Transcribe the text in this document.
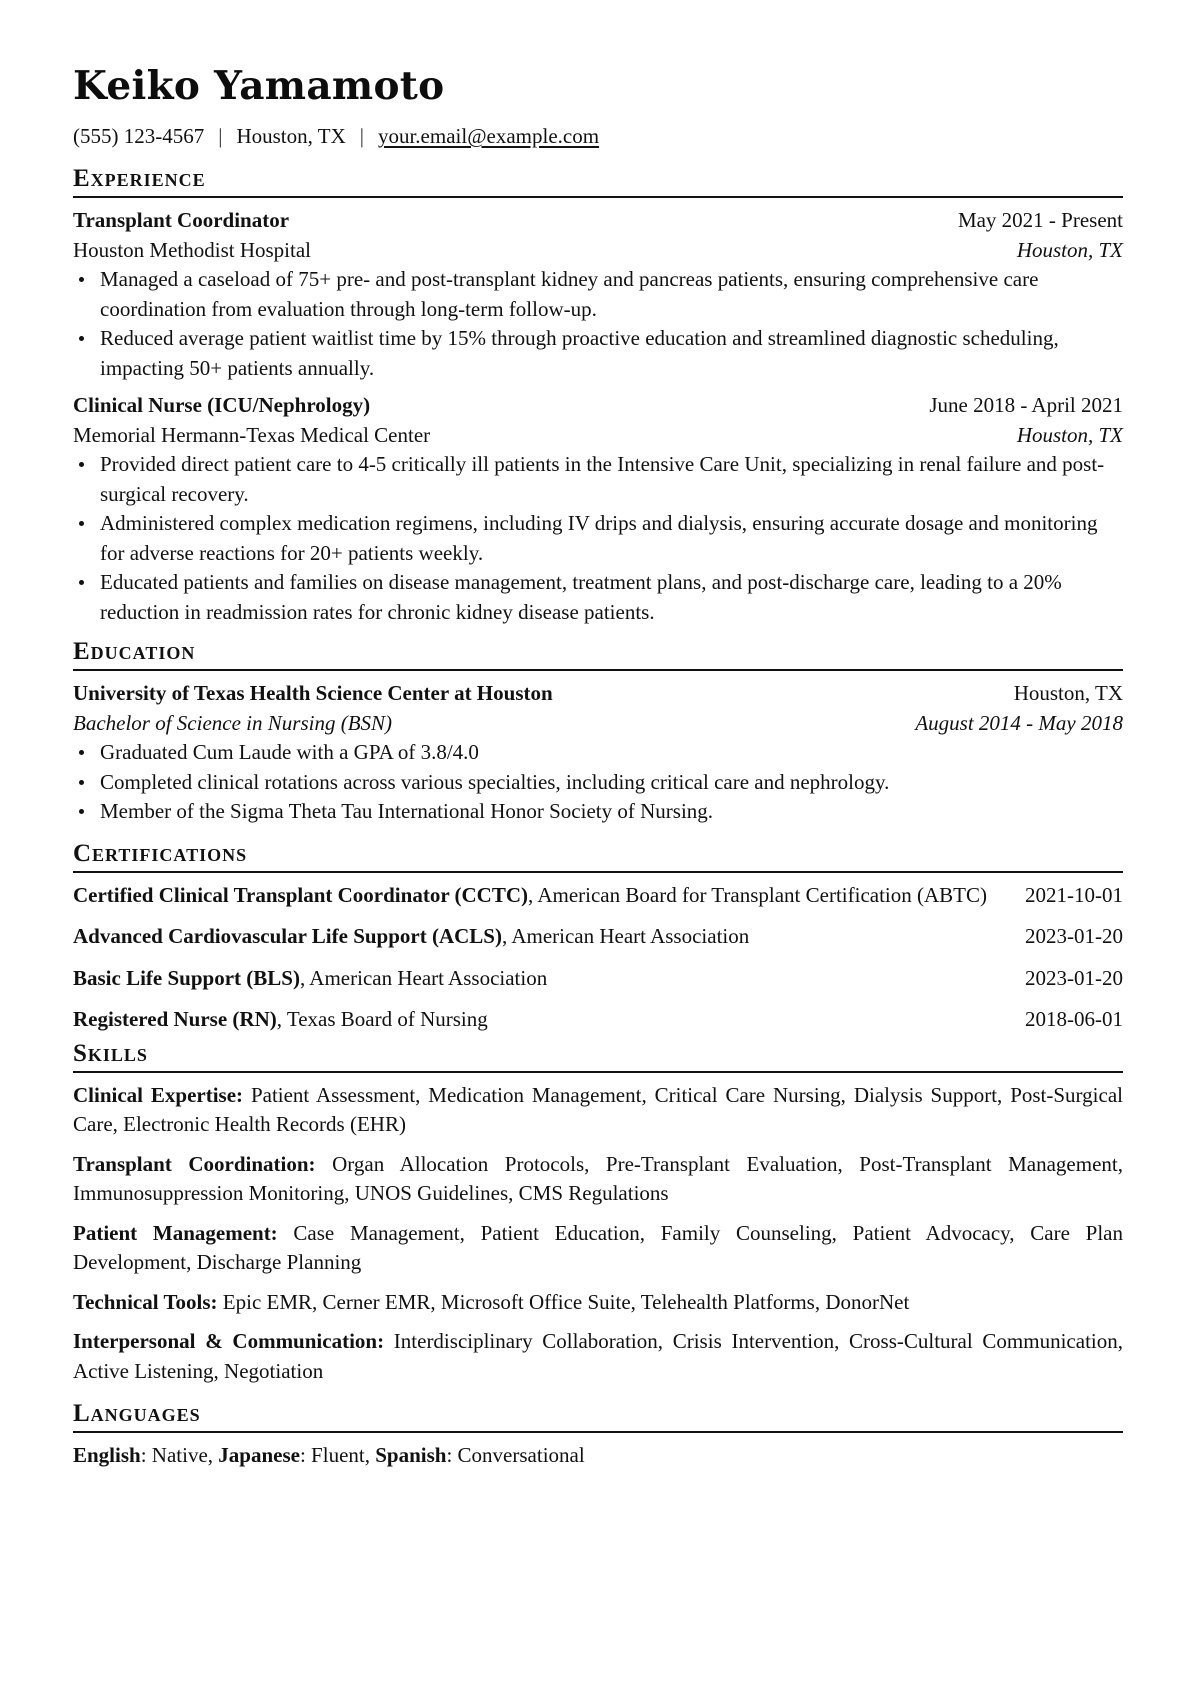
Keiko Yamamoto
(555) 123-4567 | Houston, TX | your.email@example.com
Experience
Transplant Coordinator	May 2021 - Present
Houston Methodist Hospital	Houston, TX
Managed a caseload of 75+ pre- and post-transplant kidney and pancreas patients, ensuring comprehensive care coordination from evaluation through long-term follow-up.
Reduced average patient waitlist time by 15% through proactive education and streamlined diagnostic scheduling, impacting 50+ patients annually.
Clinical Nurse (ICU/Nephrology)	June 2018 - April 2021
Memorial Hermann-Texas Medical Center	Houston, TX
Provided direct patient care to 4-5 critically ill patients in the Intensive Care Unit, specializing in renal failure and post-surgical recovery.
Administered complex medication regimens, including IV drips and dialysis, ensuring accurate dosage and monitoring for adverse reactions for 20+ patients weekly.
Educated patients and families on disease management, treatment plans, and post-discharge care, leading to a 20% reduction in readmission rates for chronic kidney disease patients.
Education
University of Texas Health Science Center at Houston	Houston, TX
Bachelor of Science in Nursing (BSN)	August 2014 - May 2018
Graduated Cum Laude with a GPA of 3.8/4.0
Completed clinical rotations across various specialties, including critical care and nephrology.
Member of the Sigma Theta Tau International Honor Society of Nursing.
Certifications
Certified Clinical Transplant Coordinator (CCTC), American Board for Transplant Certification (ABTC) 2021-10-01
Advanced Cardiovascular Life Support (ACLS), American Heart Association	2023-01-20
Basic Life Support (BLS), American Heart Association	2023-01-20
Registered Nurse (RN), Texas Board of Nursing	2018-06-01
Skills
Clinical Expertise: Patient Assessment, Medication Management, Critical Care Nursing, Dialysis Support, Post-Surgical Care, Electronic Health Records (EHR)
Transplant Coordination: Organ Allocation Protocols, Pre-Transplant Evaluation, Post-Transplant Management, Immunosuppression Monitoring, UNOS Guidelines, CMS Regulations
Patient Management: Case Management, Patient Education, Family Counseling, Patient Advocacy, Care Plan Development, Discharge Planning
Technical Tools: Epic EMR, Cerner EMR, Microsoft Office Suite, Telehealth Platforms, DonorNet
Interpersonal & Communication: Interdisciplinary Collaboration, Crisis Intervention, Cross-Cultural Communication, Active Listening, Negotiation
Languages
English: Native, Japanese: Fluent, Spanish: Conversational
